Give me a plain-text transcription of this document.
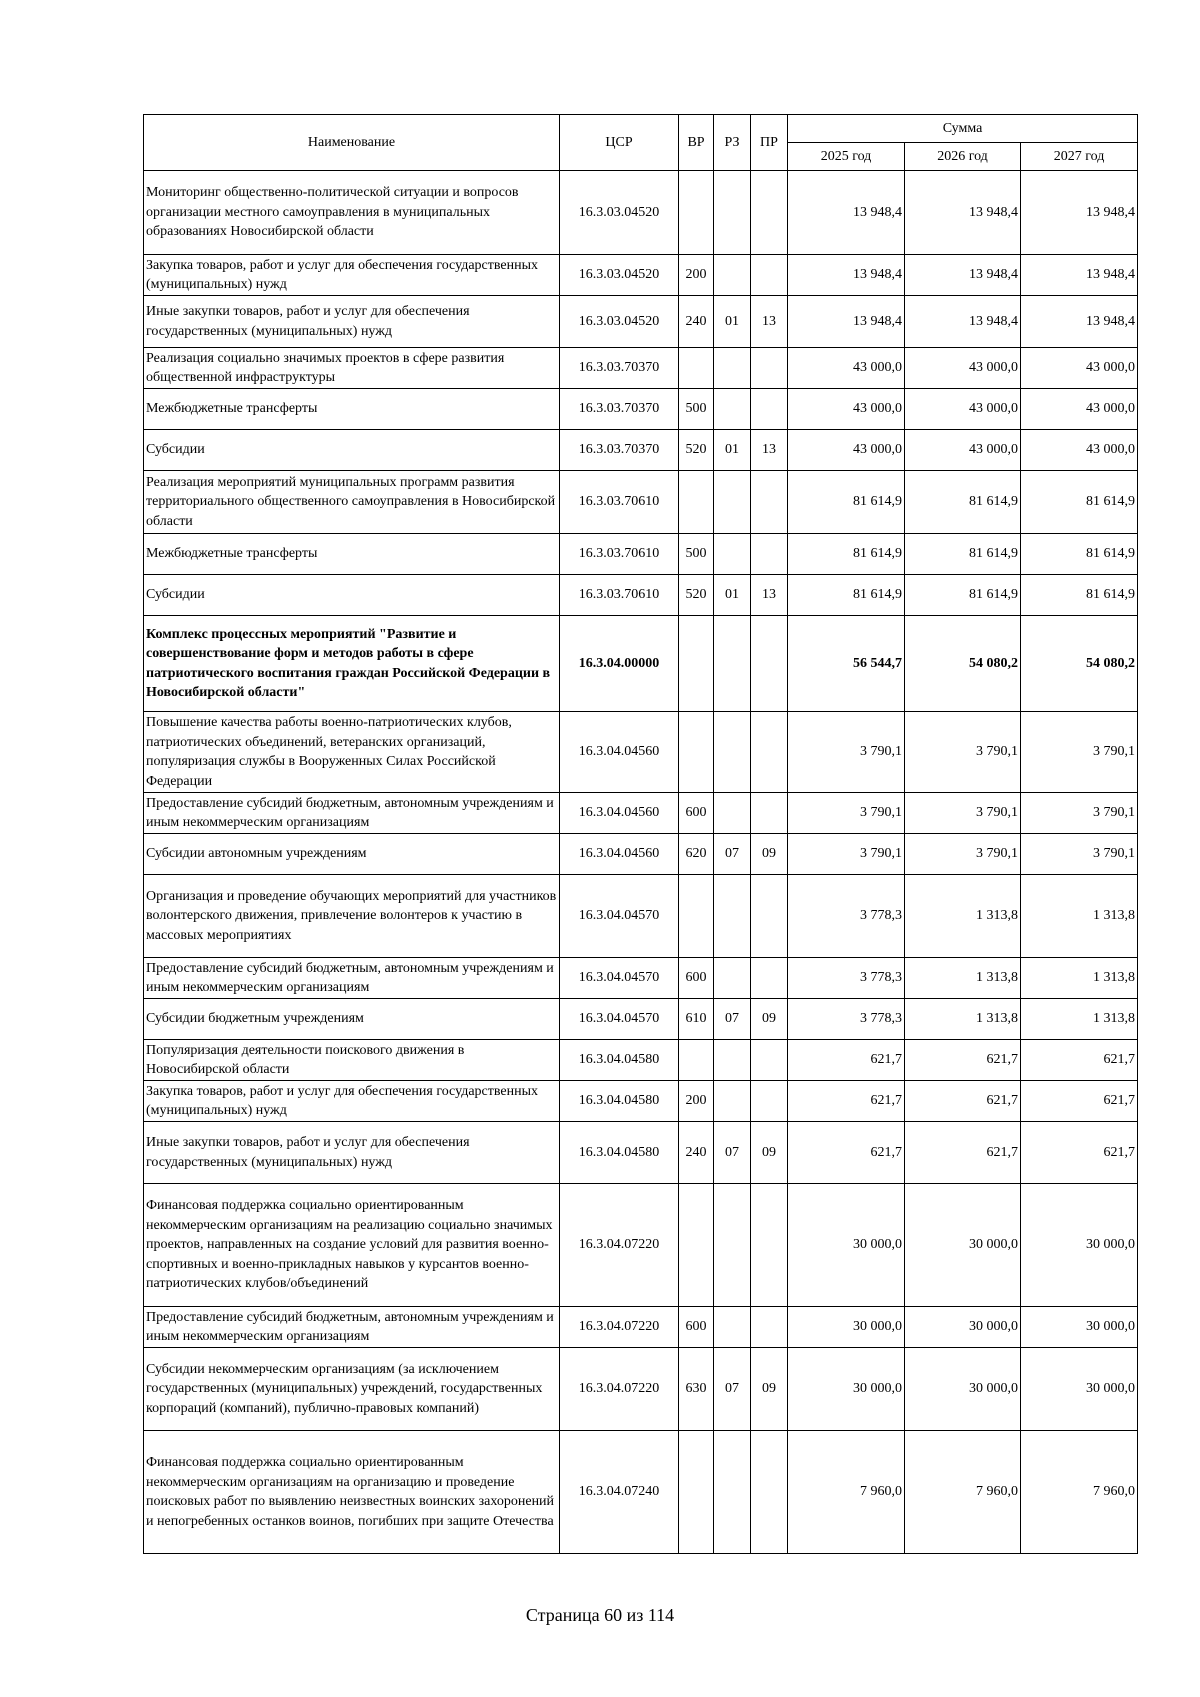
Наименование	ЦСР	ВР	РЗ	ПР	Сумма		
					2025 год	2026 год	2027 год
Мониторинг общественно-политической ситуации и вопросов организации местного самоуправления в муниципальных образованиях Новосибирской области	16.3.03.04520				13 948,4	13 948,4	13 948,4
Закупка товаров, работ и услуг для обеспечения государственных (муниципальных) нужд	16.3.03.04520	200			13 948,4	13 948,4	13 948,4
Иные закупки товаров, работ и услуг для обеспечения государственных (муниципальных) нужд	16.3.03.04520	240	01	13	13 948,4	13 948,4	13 948,4
Реализация социально значимых проектов в сфере развития общественной инфраструктуры	16.3.03.70370				43 000,0	43 000,0	43 000,0
Межбюджетные трансферты	16.3.03.70370	500			43 000,0	43 000,0	43 000,0
Субсидии	16.3.03.70370	520	01	13	43 000,0	43 000,0	43 000,0
Реализация мероприятий муниципальных программ развития территориального общественного самоуправления в Новосибирской области	16.3.03.70610				81 614,9	81 614,9	81 614,9
Межбюджетные трансферты	16.3.03.70610	500			81 614,9	81 614,9	81 614,9
Субсидии	16.3.03.70610	520	01	13	81 614,9	81 614,9	81 614,9
Комплекс процессных мероприятий "Развитие и совершенствование форм и методов работы в сфере патриотического воспитания граждан Российской Федерации в Новосибирской области"	16.3.04.00000				56 544,7	54 080,2	54 080,2
Повышение качества работы военно-патриотических клубов, патриотических объединений, ветеранских организаций, популяризация службы в Вооруженных Силах Российской Федерации	16.3.04.04560				3 790,1	3 790,1	3 790,1
Предоставление субсидий бюджетным, автономным учреждениям и иным некоммерческим организациям	16.3.04.04560	600			3 790,1	3 790,1	3 790,1
Субсидии автономным учреждениям	16.3.04.04560	620	07	09	3 790,1	3 790,1	3 790,1
Организация и проведение обучающих мероприятий для участников волонтерского движения, привлечение волонтеров к участию в массовых мероприятиях	16.3.04.04570				3 778,3	1 313,8	1 313,8
Предоставление субсидий бюджетным, автономным учреждениям и иным некоммерческим организациям	16.3.04.04570	600			3 778,3	1 313,8	1 313,8
Субсидии бюджетным учреждениям	16.3.04.04570	610	07	09	3 778,3	1 313,8	1 313,8
Популяризация деятельности поискового движения в Новосибирской области	16.3.04.04580				621,7	621,7	621,7
Закупка товаров, работ и услуг для обеспечения государственных (муниципальных) нужд	16.3.04.04580	200			621,7	621,7	621,7
Иные закупки товаров, работ и услуг для обеспечения государственных (муниципальных) нужд	16.3.04.04580	240	07	09	621,7	621,7	621,7
Финансовая поддержка социально ориентированным некоммерческим организациям на реализацию социально значимых проектов, направленных на создание условий для развития военно-спортивных и военно-прикладных навыков у курсантов военно-патриотических клубов/объединений	16.3.04.07220				30 000,0	30 000,0	30 000,0
Предоставление субсидий бюджетным, автономным учреждениям и иным некоммерческим организациям	16.3.04.07220	600			30 000,0	30 000,0	30 000,0
Субсидии некоммерческим организациям (за исключением государственных (муниципальных) учреждений, государственных корпораций (компаний), публично-правовых компаний)	16.3.04.07220	630	07	09	30 000,0	30 000,0	30 000,0
Финансовая поддержка социально ориентированным некоммерческим организациям на организацию и проведение поисковых работ по выявлению неизвестных воинских захоронений и непогребенных останков воинов, погибших при защите Отечества	16.3.04.07240				7 960,0	7 960,0	7 960,0
Страница 60 из 114
